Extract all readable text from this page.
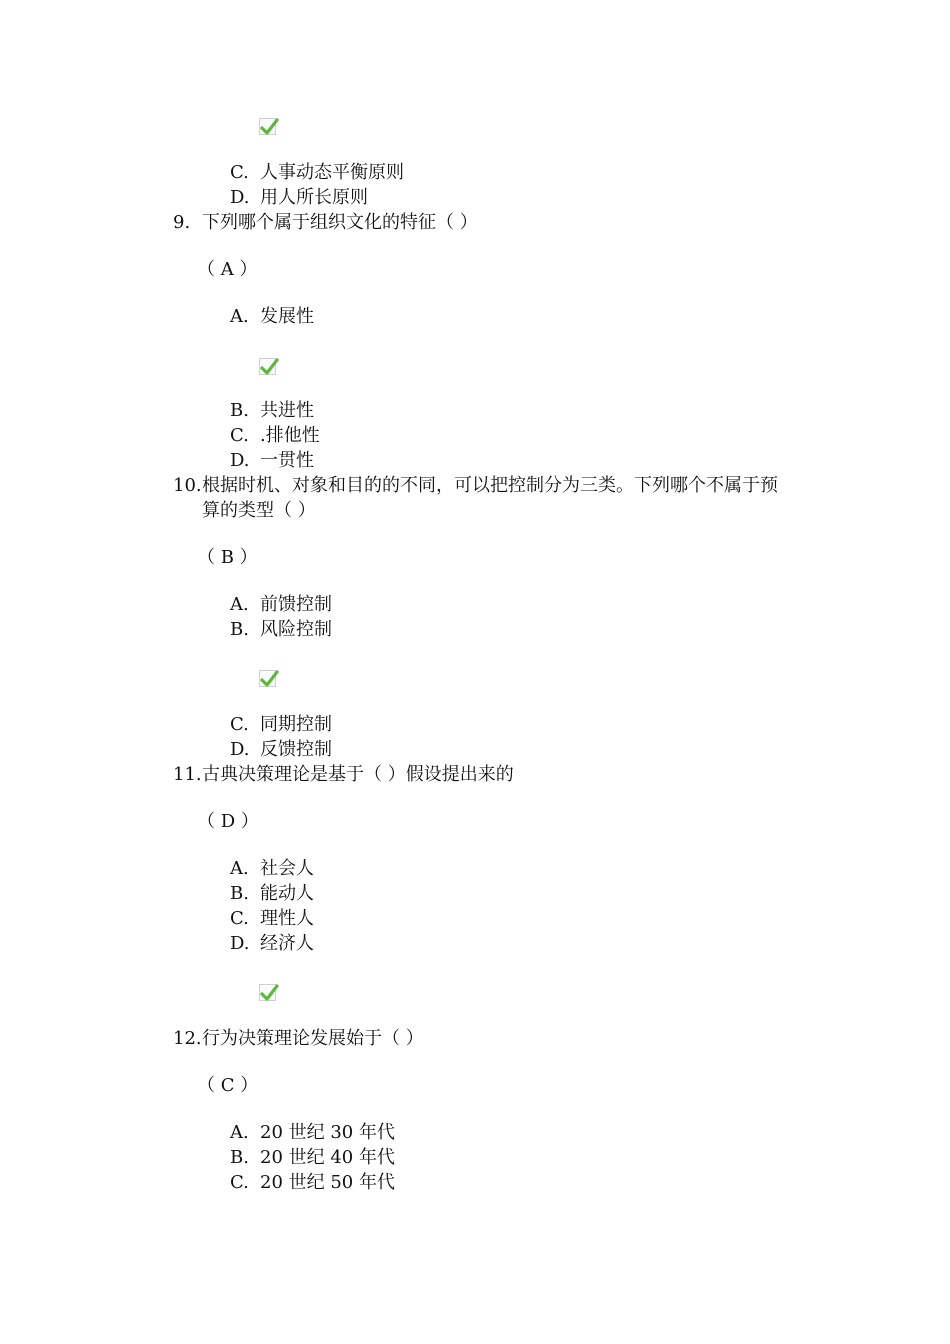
C. 人事动态平衡原则
D. 用人所长原则
9. 下列哪个属于组织文化的特征（ ）
（ A ）
A. 发展性
B. 共进性
C. .排他性
D. 一贯性
10. 根据时机、对象和目的的不同，可以把控制分为三类。下列哪个不属于预
算的类型（ ）
（ B ）
A. 前馈控制
B. 风险控制
C. 同期控制
D. 反馈控制
11. 古典决策理论是基于（ ）假设提出来的
（ D ）
A. 社会人
B. 能动人
C. 理性人
D. 经济人
12. 行为决策理论发展始于（ ）
（ C ）
A. 20 世纪 30 年代
B. 20 世纪 40 年代
C. 20 世纪 50 年代
